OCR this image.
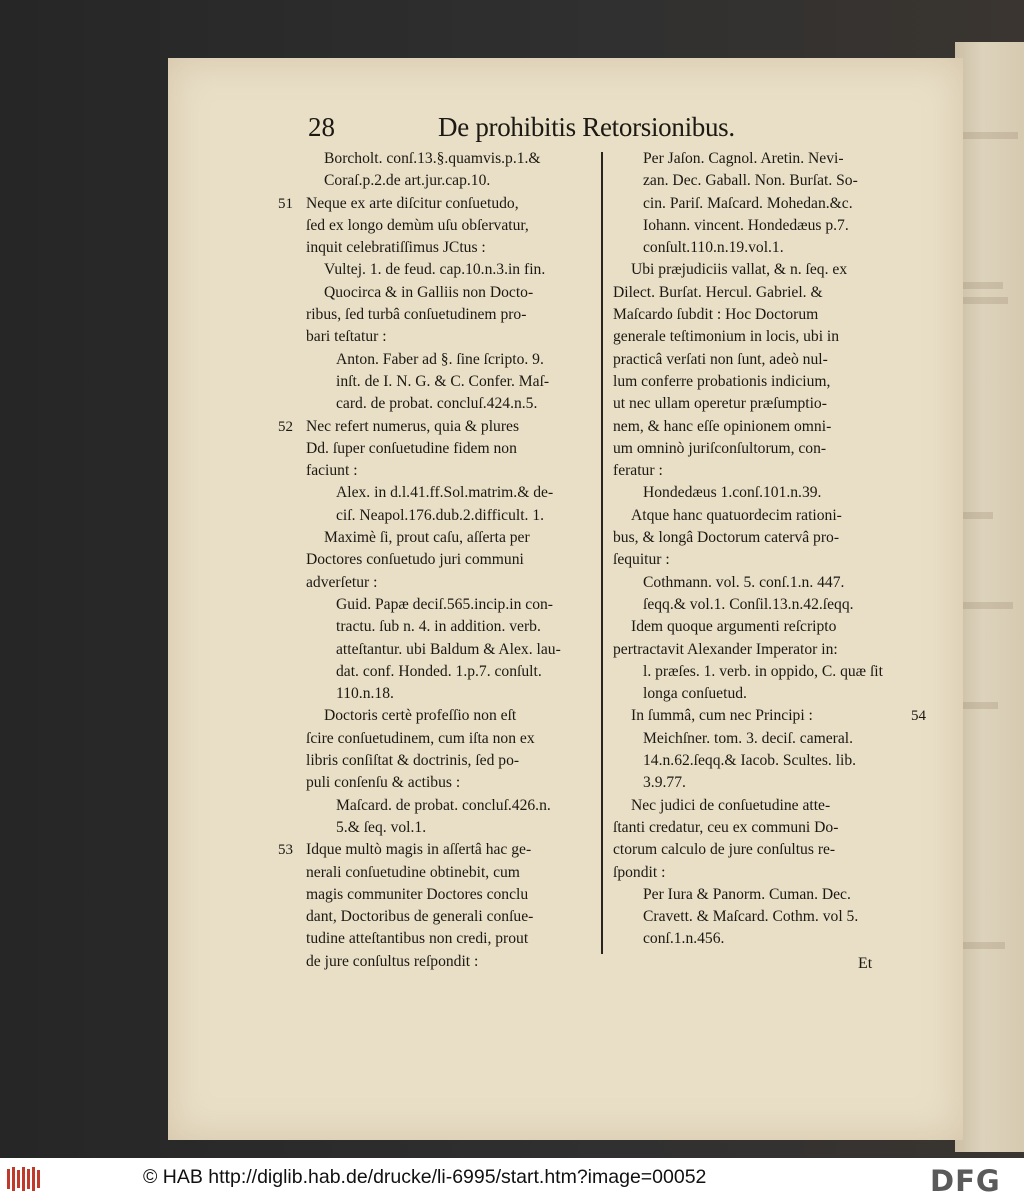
28	De prohibitis Retorsionibus.
Borcholt. conſ.13.§.quamvis.p.1.&
Coraſ.p.2.de art.jur.cap.10.
Neque ex arte diſcitur conſuetudo,
51
ſed ex longo demùm uſu obſervatur,
inquit celebratiſſimus JCtus :
Vultej. 1. de feud. cap.10.n.3.in fin.
Quocirca & in Galliis non Docto-
ribus, ſed turbâ conſuetudinem pro-
bari teſtatur :
Anton. Faber ad §. ſine ſcripto. 9.
inſt. de I. N. G. & C. Confer. Maſ-
card. de probat. concluſ.424.n.5.
Nec refert numerus, quia & plures
52
Dd. ſuper conſuetudine fidem non
faciunt :
Alex. in d.l.41.ff.Sol.matrim.& de-
ciſ. Neapol.176.dub.2.difficult. 1.
Maximè ſi, prout caſu, aſſerta per
Doctores conſuetudo juri communi
adverſetur :
Guid. Papæ deciſ.565.incip.in con-
tractu. ſub n. 4. in addition. verb.
atteſtantur. ubi Baldum & Alex. lau-
dat. conf. Honded. 1.p.7. conſult.
110.n.18.
Doctoris certè profeſſio non eſt
ſcire conſuetudinem, cum iſta non ex
libris conſiſtat & doctrinis, ſed po-
puli conſenſu & actibus :
Maſcard. de probat. concluſ.426.n.
5.& ſeq. vol.1.
Idque multò magis in aſſertâ hac ge-
53
nerali conſuetudine obtinebit, cum
magis communiter Doctores conclu
dant, Doctoribus de generali conſue-
tudine atteſtantibus non credi, prout
de jure conſultus reſpondit :
Per Jaſon. Cagnol. Aretin. Nevi-
zan. Dec. Gaball. Non. Burſat. So-
cin. Pariſ. Maſcard. Mohedan.&c.
Iohann. vincent. Hondedæus p.7.
conſult.110.n.19.vol.1.
Ubi præjudiciis vallat, & n. ſeq. ex
Dilect. Burſat. Hercul. Gabriel. &
Maſcardo ſubdit : Hoc Doctorum
generale teſtimonium in locis, ubi in
practicâ verſati non ſunt, adeò nul-
lum conferre probationis indicium,
ut nec ullam operetur præſumptio-
nem, & hanc eſſe opinionem omni-
um omninò juriſconſultorum, con-
feratur :
Hondedæus 1.conſ.101.n.39.
Atque hanc quatuordecim rationi-
bus, & longâ Doctorum catervâ pro-
ſequitur :
Cothmann. vol. 5. conſ.1.n. 447.
ſeqq.& vol.1. Conſil.13.n.42.ſeqq.
Idem quoque argumenti reſcripto
pertractavit Alexander Imperator in:
l. præſes. 1. verb. in oppido, C. quæ ſit
longa conſuetud.
In ſummâ, cum nec Principi :	54
Meichſner. tom. 3. deciſ. cameral.
14.n.62.ſeqq.& Iacob. Scultes. lib.
3.9.77.
Nec judici de conſuetudine atte-
ſtanti credatur, ceu ex communi Do-
ctorum calculo de jure conſultus re-
ſpondit :
Per Iura & Panorm. Cuman. Dec.
Cravett. & Maſcard. Cothm. vol 5.
conſ.1.n.456.
Et
© HAB http://diglib.hab.de/drucke/li-6995/start.htm?image=00052	DFG
